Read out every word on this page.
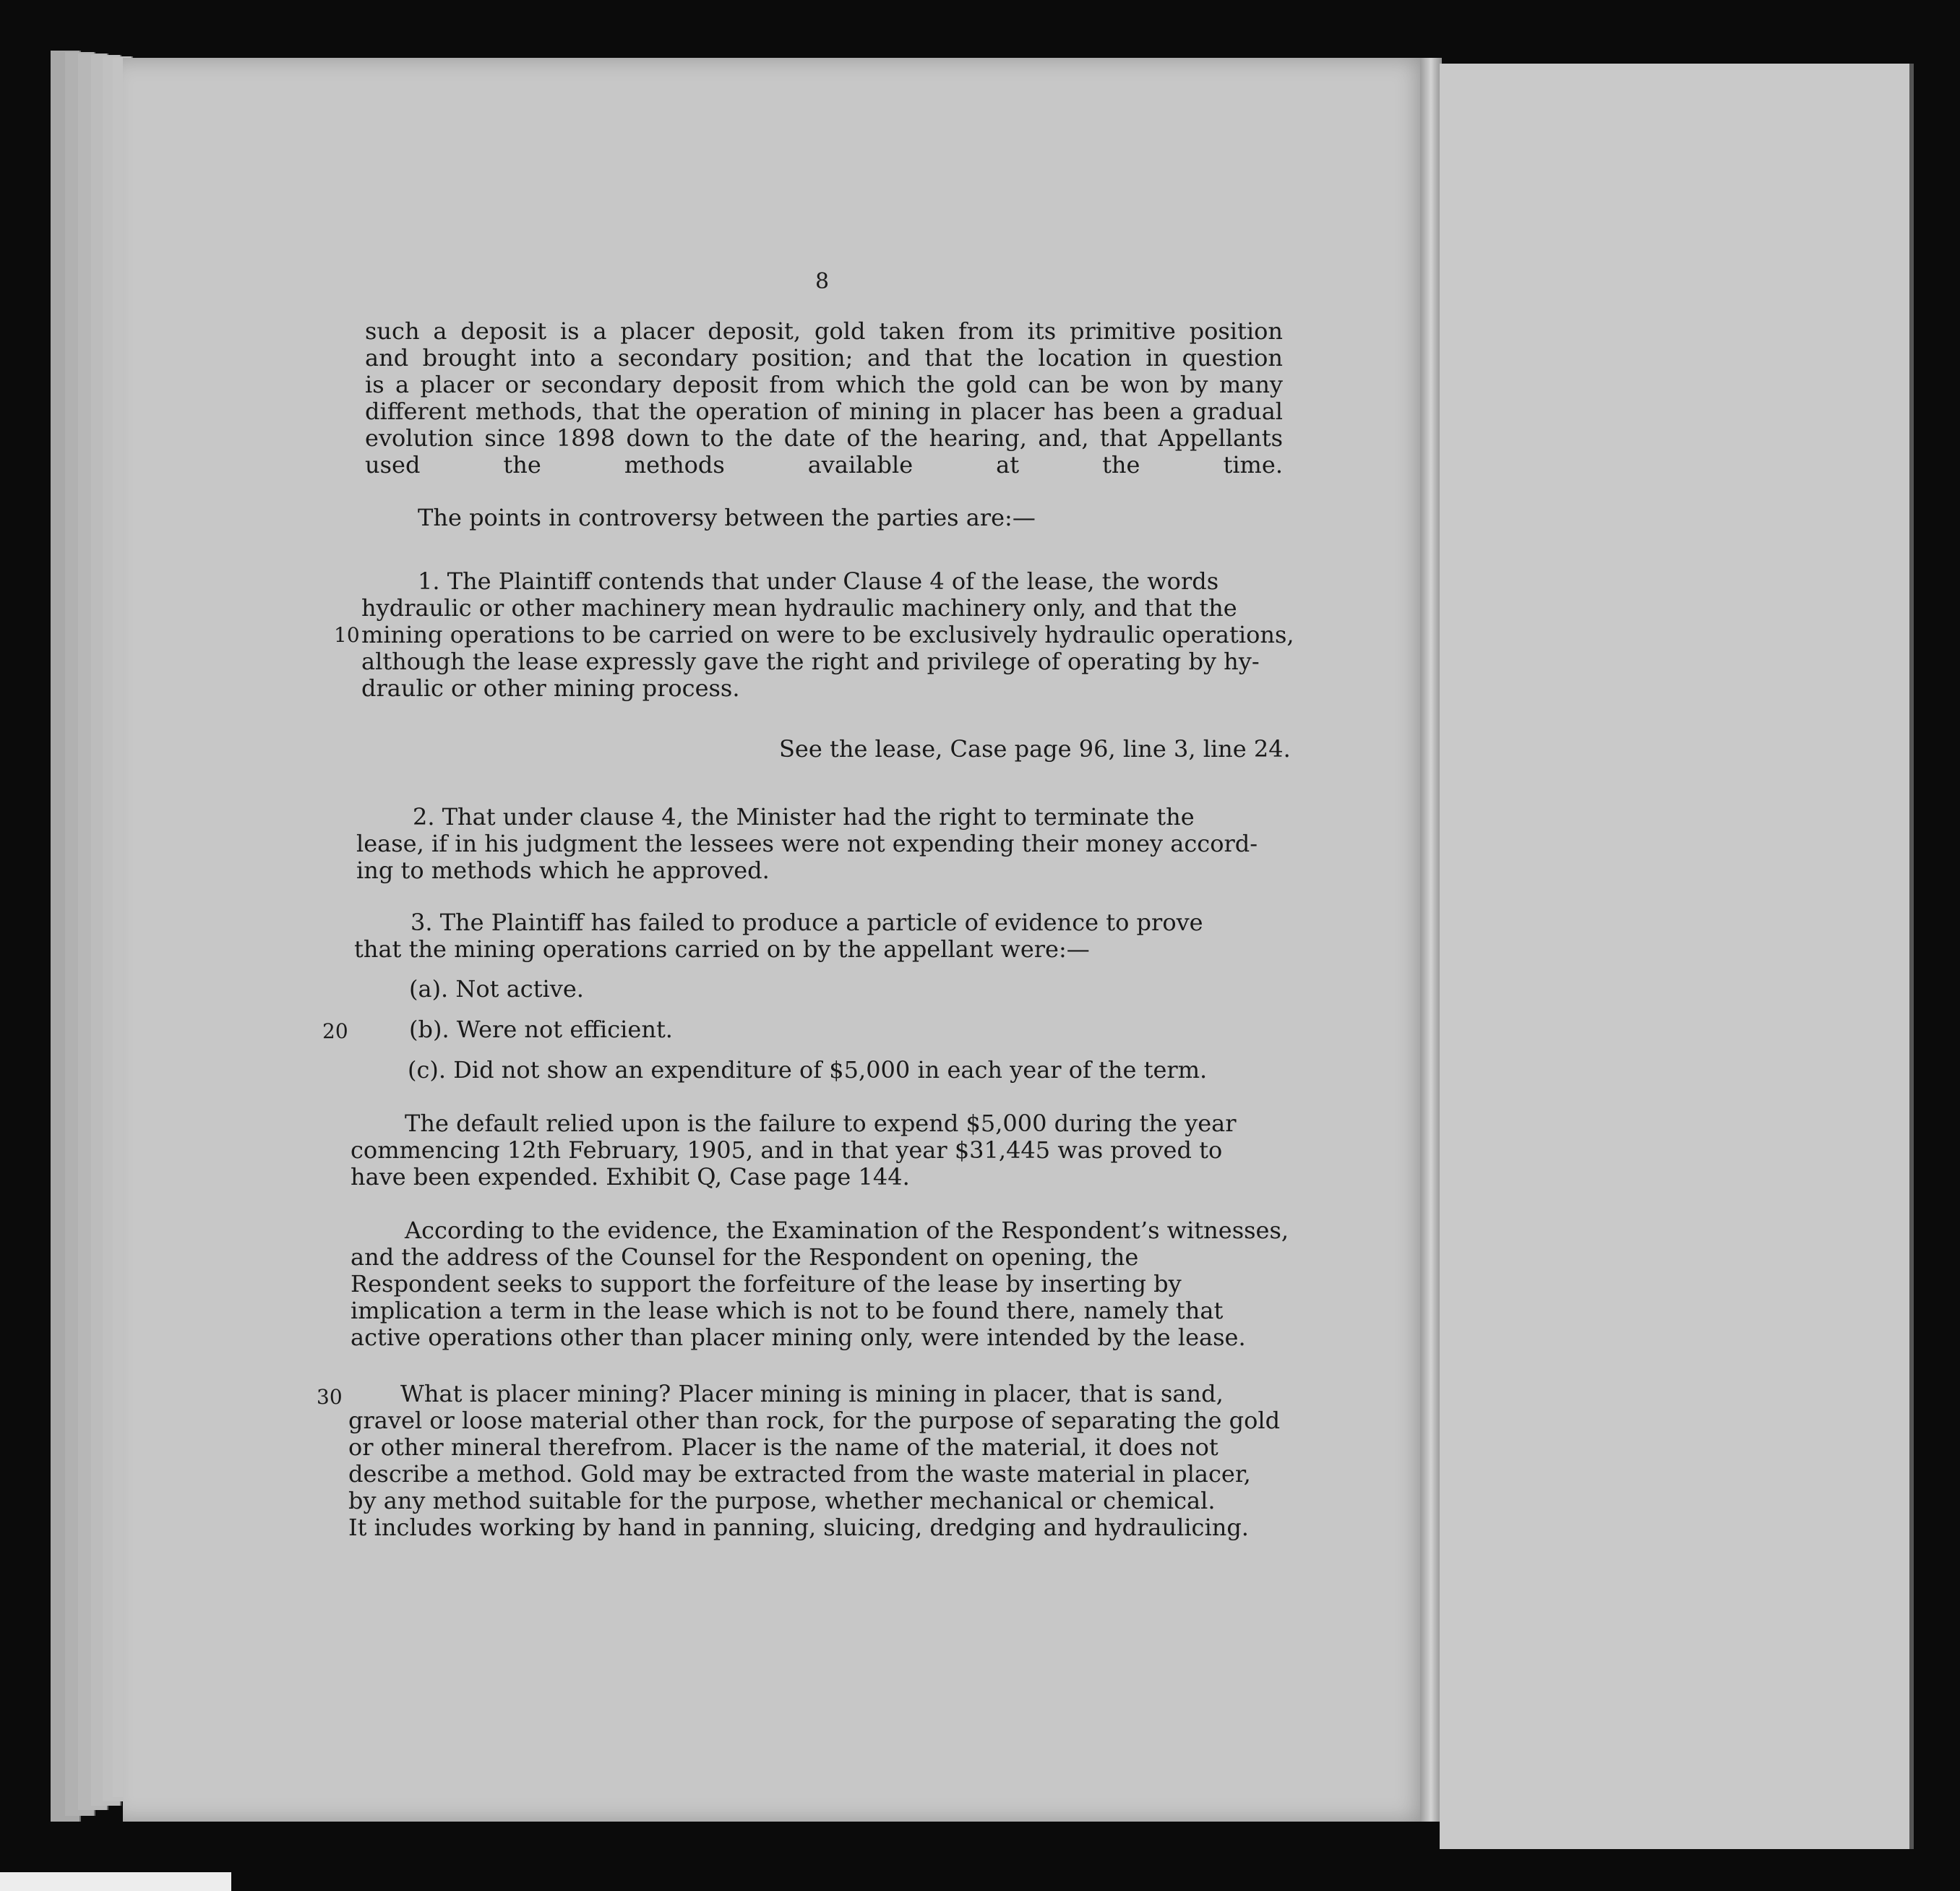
8
10
20
30
such a deposit is a placer deposit, gold taken from its primitive position
and brought into a secondary position; and that the location in question
is a placer or secondary deposit from which the gold can be won by many
different methods, that the operation of mining in placer has been a gradual
evolution since 1898 down to the date of the hearing, and, that Appellants
used the methods available at the time.
The points in controversy between the parties are:—
1. The Plaintiff contends that under Clause 4 of the lease, the words
hydraulic or other machinery mean hydraulic machinery only, and that the
mining operations to be carried on were to be exclusively hydraulic operations,
although the lease expressly gave the right and privilege of operating by hy-
draulic or other mining process.
See the lease, Case page 96, line 3, line 24.
2. That under clause 4, the Minister had the right to terminate the
lease, if in his judgment the lessees were not expending their money accord-
ing to methods which he approved.
3. The Plaintiff has failed to produce a particle of evidence to prove
that the mining operations carried on by the appellant were:—
(a). Not active.
(b). Were not efficient.
(c). Did not show an expenditure of $5,000 in each year of the term.
The default relied upon is the failure to expend $5,000 during the year
commencing 12th February, 1905, and in that year $31,445 was proved to
have been expended. Exhibit Q, Case page 144.
According to the evidence, the Examination of the Respondent’s witnesses,
and the address of the Counsel for the Respondent on opening, the
Respondent seeks to support the forfeiture of the lease by inserting by
implication a term in the lease which is not to be found there, namely that
active operations other than placer mining only, were intended by the lease.
What is placer mining? Placer mining is mining in placer, that is sand,
gravel or loose material other than rock, for the purpose of separating the gold
or other mineral therefrom. Placer is the name of the material, it does not
describe a method. Gold may be extracted from the waste material in placer,
by any method suitable for the purpose, whether mechanical or chemical.
It includes working by hand in panning, sluicing, dredging and hydraulicing.
